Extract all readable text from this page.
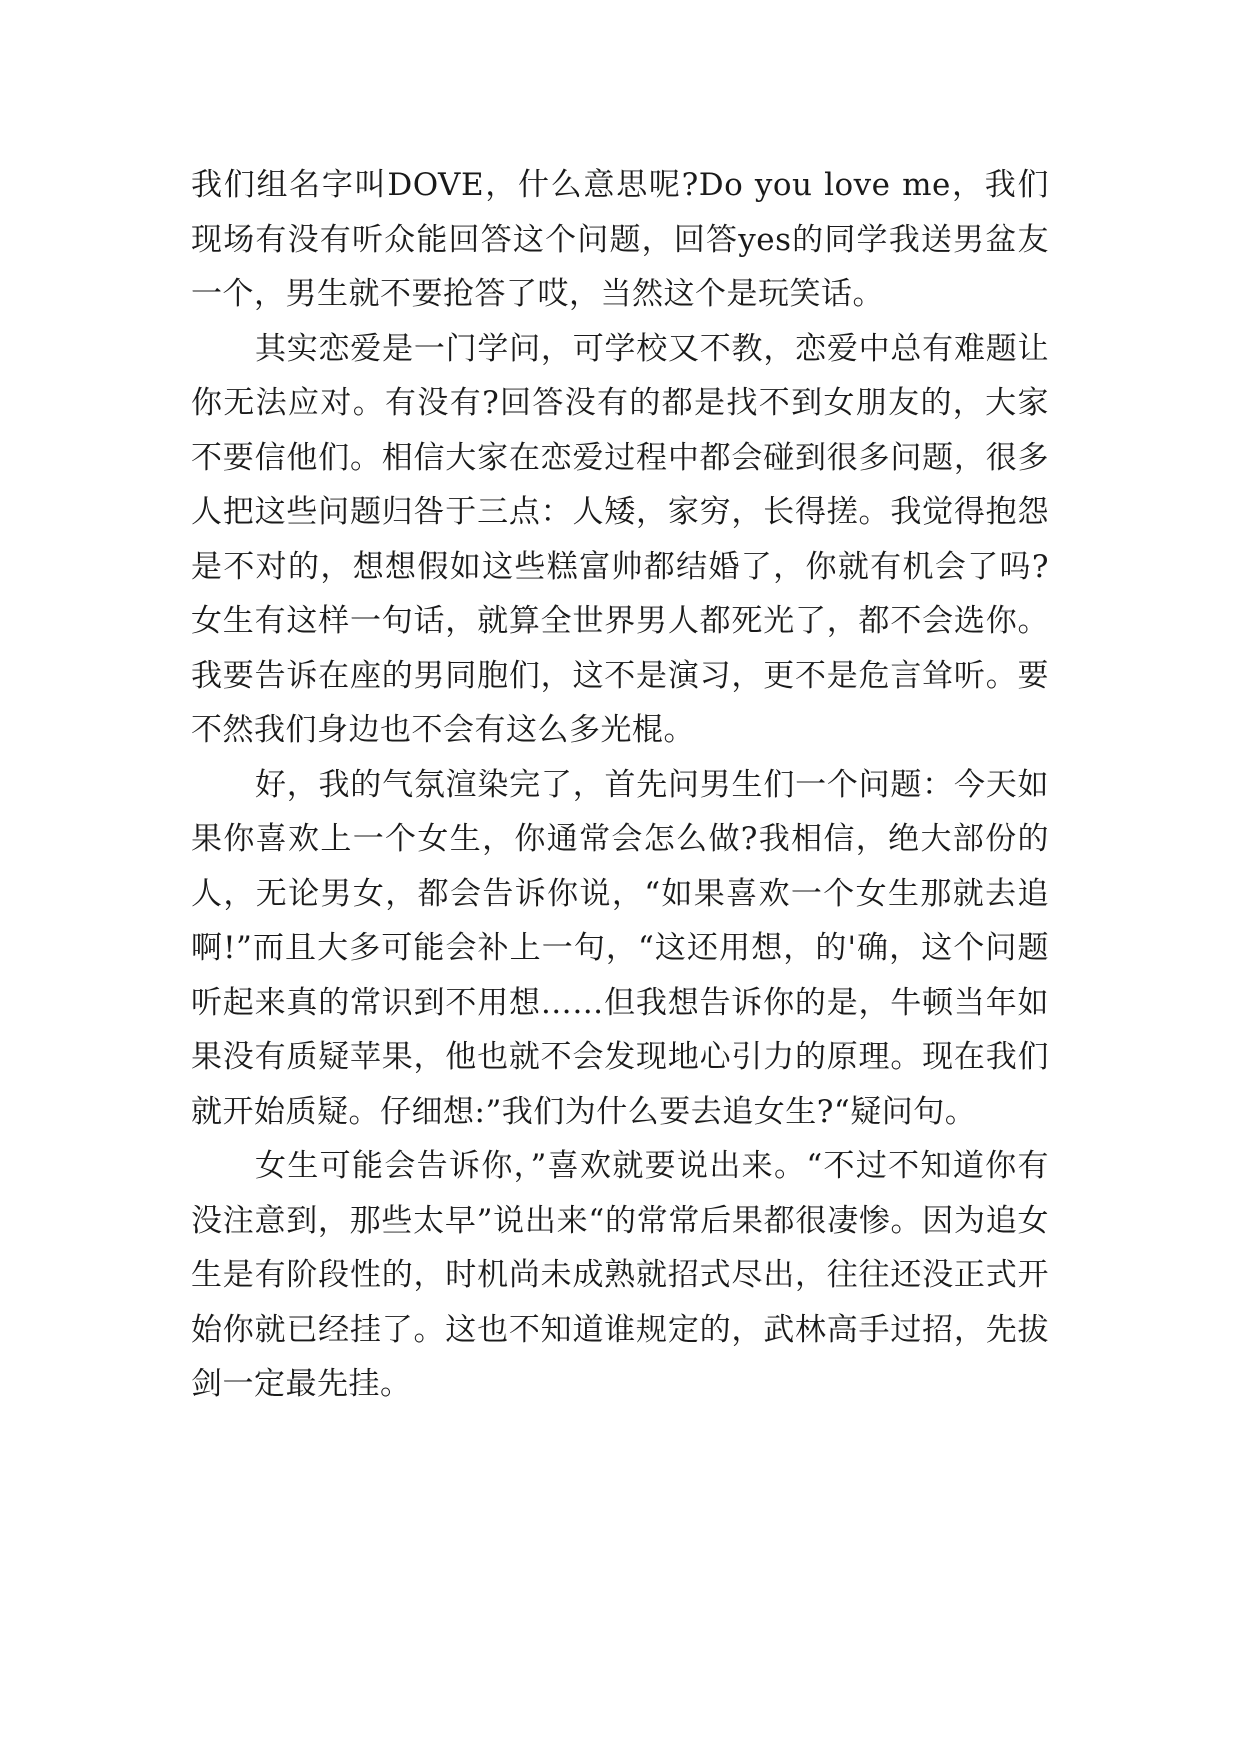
我们组名字叫DOVE，什么意思呢?Do you love me，我们现场有没有听众能回答这个问题，回答yes的同学我送男盆友一个，男生就不要抢答了哎，当然这个是玩笑话。

其实恋爱是一门学问，可学校又不教，恋爱中总有难题让你无法应对。有没有?回答没有的都是找不到女朋友的，大家不要信他们。相信大家在恋爱过程中都会碰到很多问题，很多人把这些问题归咎于三点：人矮，家穷，长得搓。我觉得抱怨是不对的，想想假如这些糕富帅都结婚了，你就有机会了吗?女生有这样一句话，就算全世界男人都死光了，都不会选你。我要告诉在座的男同胞们，这不是演习，更不是危言耸听。要不然我们身边也不会有这么多光棍。

好，我的气氛渲染完了，首先问男生们一个问题：今天如果你喜欢上一个女生，你通常会怎么做?我相信，绝大部份的人，无论男女，都会告诉你说，“如果喜欢一个女生那就去追啊!”而且大多可能会补上一句，“这还用想，的'确，这个问题听起来真的常识到不用想……但我想告诉你的是，牛顿当年如果没有质疑苹果，他也就不会发现地心引力的原理。现在我们就开始质疑。仔细想:”我们为什么要去追女生?“疑问句。

女生可能会告诉你，”喜欢就要说出来。“不过不知道你有没注意到，那些太早”说出来“的常常后果都很凄惨。因为追女生是有阶段性的，时机尚未成熟就招式尽出，往往还没正式开始你就已经挂了。这也不知道谁规定的，武林高手过招，先拔剑一定最先挂。
